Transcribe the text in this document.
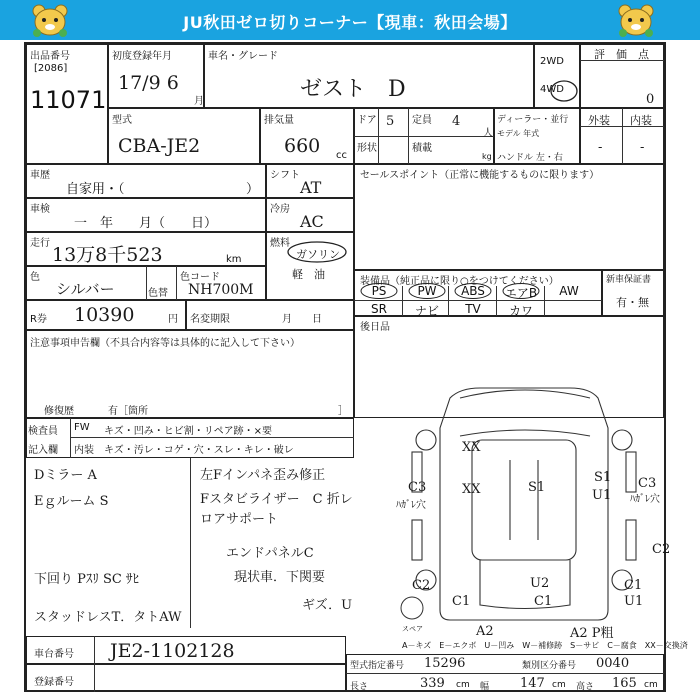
JU秋田ゼロ切りコーナー【現車：秋田会場】
出品番号
[2086]
11071
初度登録年月
17/9 6
月
車名・グレード
ゼスト　D
2WD
4WD
評　価　点
0
型式
CBA-JE2
排気量
660 cc
ドア 5 定員 4
人
形状	積載
kg
ディーラー・並行
モデル 年式
ハンドル 左・右
外装 内装
-	-
車歴
自家用・（	）
シフト
AT
車検
一　年　　月（　　日）
冷房
AC
走行
13万8千523	km
燃料
ガソリン
軽　油
色
シルバー	色替
色コード
NH700M
R券 10390	円 名変期限	月　　日
セールスポイント（正常に機能するものに限ります）
装備品（純正品に限り○をつけてください）
PS	PW	ABS	エアB	AW
SR	ナビ	TV	カワ
新車保証書
有・無
後日品
注意事項申告欄（不具合内容等は具体的に記入して下さい）
修復歴	有［箇所	］
検査員
記入欄
FW キズ・凹み・ヒビ割・リペア跡・×要
内装 キズ・汚レ・コゲ・穴・スレ・キレ・破レ
Dミラー A
Eｇルーム S
下回り Pｽﾘ SC ｻﾋ
スタッドレスT．タトAW
左Fインパネ歪み修正
Fスタビライザー　C 折レ
ロアサポート
エンドパネルC
現状車．下関要
ギズ．U
XX
XX
C3
ﾊｶﾞﾚ穴
S1
S1
U1
C3
ﾊｶﾞﾚ穴
C2
C2	U2
C1	C1
C1
U1
A2	A2 P粗
スペア
A－キズ　E－エクボ　U－凹み　W－補修跡　S－サビ　C－腐食　XX－交換済
車台番号 JE2-1102128
登録番号
型式指定番号 15296	類別区分番号 0040
長さ	339 cm 幅 147 cm 高さ 165 cm
